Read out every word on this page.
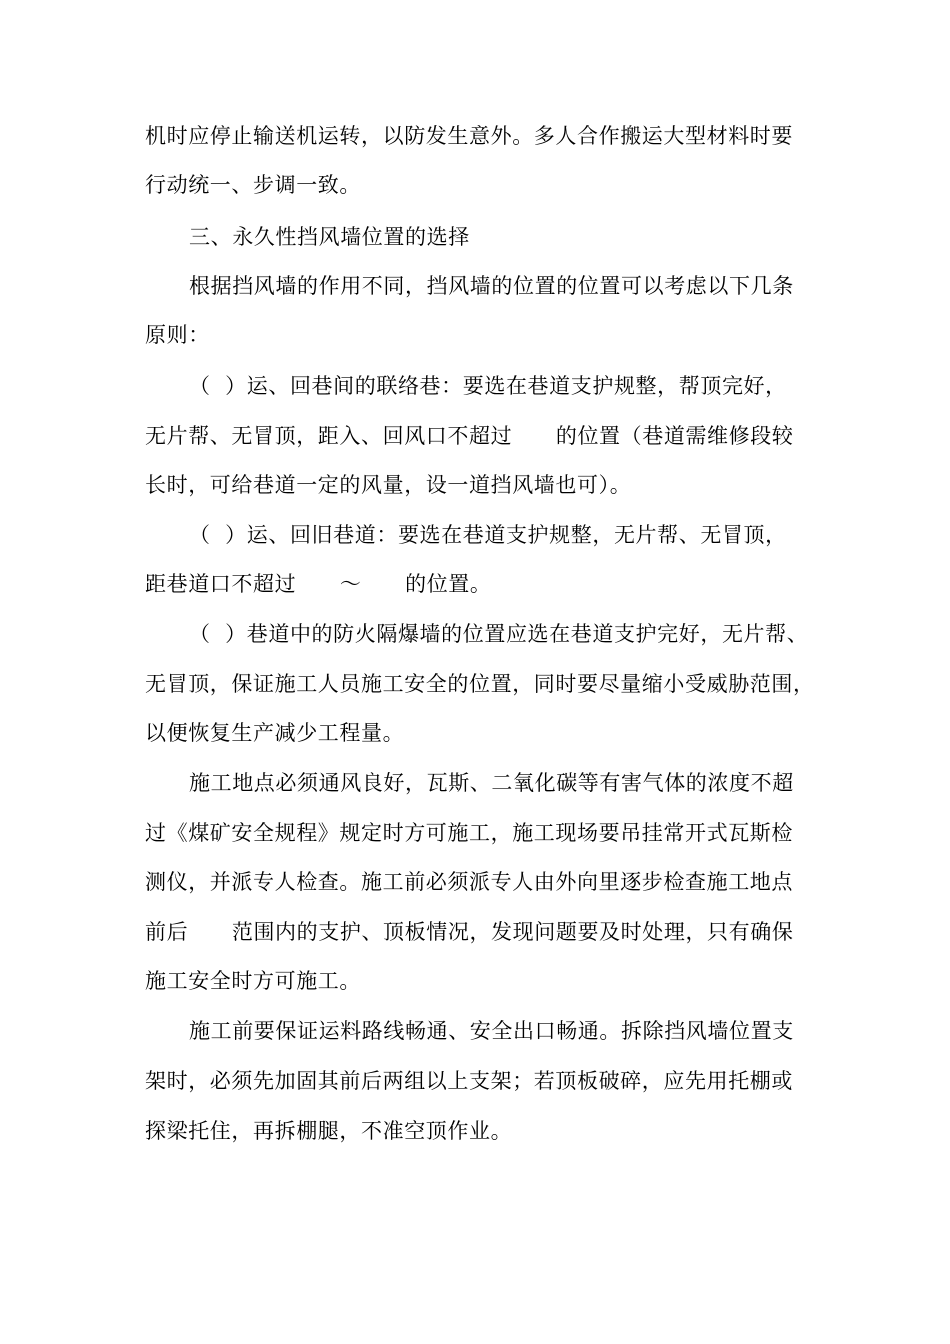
机时应停止输送机运转，以防发生意外。多人合作搬运大型材料时要
行动统一、步调一致。
三、永久性挡风墙位置的选择
根据挡风墙的作用不同，挡风墙的位置的位置可以考虑以下几条
原则：
（  ）运、回巷间的联络巷：要选在巷道支护规整，帮顶完好，
无片帮、无冒顶，距入、回风口不超过      的位置（巷道需维修段较
长时，可给巷道一定的风量，设一道挡风墙也可）。
（  ）运、回旧巷道：要选在巷道支护规整，无片帮、无冒顶，
距巷道口不超过      ～      的位置。
（  ）巷道中的防火隔爆墙的位置应选在巷道支护完好，无片帮、
无冒顶，保证施工人员施工安全的位置，同时要尽量缩小受威胁范围，
以便恢复生产减少工程量。
施工地点必须通风良好，瓦斯、二氧化碳等有害气体的浓度不超
过《煤矿安全规程》规定时方可施工，施工现场要吊挂常开式瓦斯检
测仪，并派专人检查。施工前必须派专人由外向里逐步检查施工地点
前后      范围内的支护、顶板情况，发现问题要及时处理，只有确保
施工安全时方可施工。
施工前要保证运料路线畅通、安全出口畅通。拆除挡风墙位置支
架时，必须先加固其前后两组以上支架；若顶板破碎，应先用托棚或
探梁托住，再拆棚腿，不准空顶作业。
